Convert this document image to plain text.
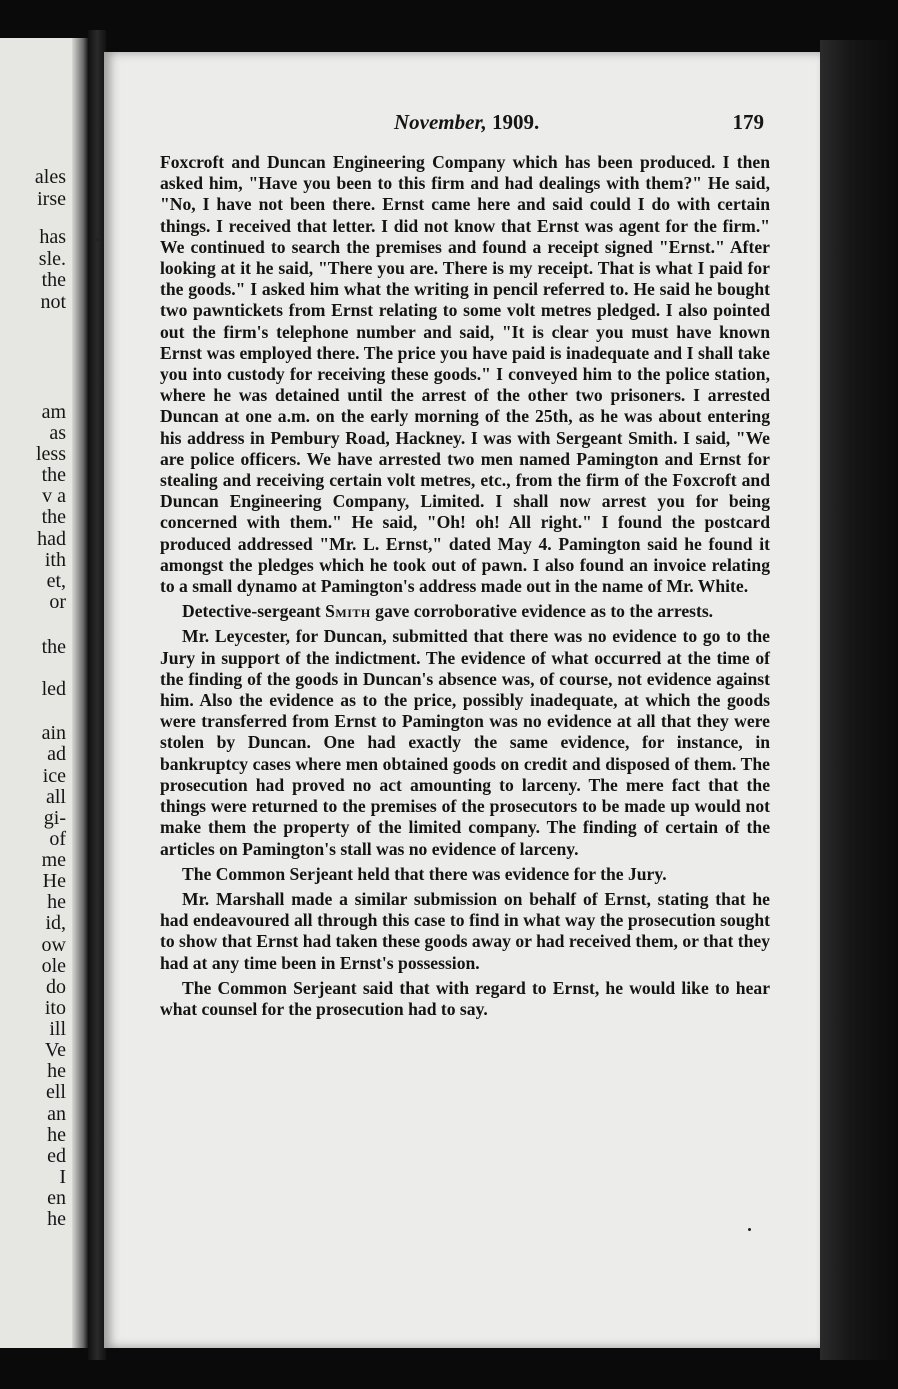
ales
irse
has
sle.
the
not
am
as
less
the
v a
the
had
ith
et,
or
the
led
ain
ad
ice
all
gi-
of
me
He
he
id,
ow
ole
do
ito
ill
Ve
he
ell
an
he
ed
I
en
he
November, 1909.	179

Foxcroft and Duncan Engineering Company which has been produced. I then asked him, "Have you been to this firm and had dealings with them?" He said, "No, I have not been there. Ernst came here and said could I do with certain things. I received that letter. I did not know that Ernst was agent for the firm." We continued to search the premises and found a receipt signed "Ernst." After looking at it he said, "There you are. There is my receipt. That is what I paid for the goods." I asked him what the writing in pencil referred to. He said he bought two pawntickets from Ernst relating to some volt metres pledged. I also pointed out the firm's telephone number and said, "It is clear you must have known Ernst was employed there. The price you have paid is inadequate and I shall take you into custody for receiving these goods." I conveyed him to the police station, where he was detained until the arrest of the other two prisoners. I arrested Duncan at one a.m. on the early morning of the 25th, as he was about entering his address in Pembury Road, Hackney. I was with Sergeant Smith. I said, "We are police officers. We have arrested two men named Pamington and Ernst for stealing and receiving certain volt metres, etc., from the firm of the Foxcroft and Duncan Engineering Company, Limited. I shall now arrest you for being concerned with them." He said, "Oh! oh! All right." I found the postcard produced addressed "Mr. L. Ernst," dated May 4. Pamington said he found it amongst the pledges which he took out of pawn. I also found an invoice relating to a small dynamo at Pamington's address made out in the name of Mr. White.

Detective-sergeant Smith gave corroborative evidence as to the arrests.

Mr. Leycester, for Duncan, submitted that there was no evidence to go to the Jury in support of the indictment. The evidence of what occurred at the time of the finding of the goods in Duncan's absence was, of course, not evidence against him. Also the evidence as to the price, possibly inadequate, at which the goods were transferred from Ernst to Pamington was no evidence at all that they were stolen by Duncan. One had exactly the same evidence, for instance, in bankruptcy cases where men obtained goods on credit and disposed of them. The prosecution had proved no act amounting to larceny. The mere fact that the things were returned to the premises of the prosecutors to be made up would not make them the property of the limited company. The finding of certain of the articles on Pamington's stall was no evidence of larceny.

The Common Serjeant held that there was evidence for the Jury.

Mr. Marshall made a similar submission on behalf of Ernst, stating that he had endeavoured all through this case to find in what way the prosecution sought to show that Ernst had taken these goods away or had received them, or that they had at any time been in Ernst's possession.

The Common Serjeant said that with regard to Ernst, he would like to hear what counsel for the prosecution had to say.
